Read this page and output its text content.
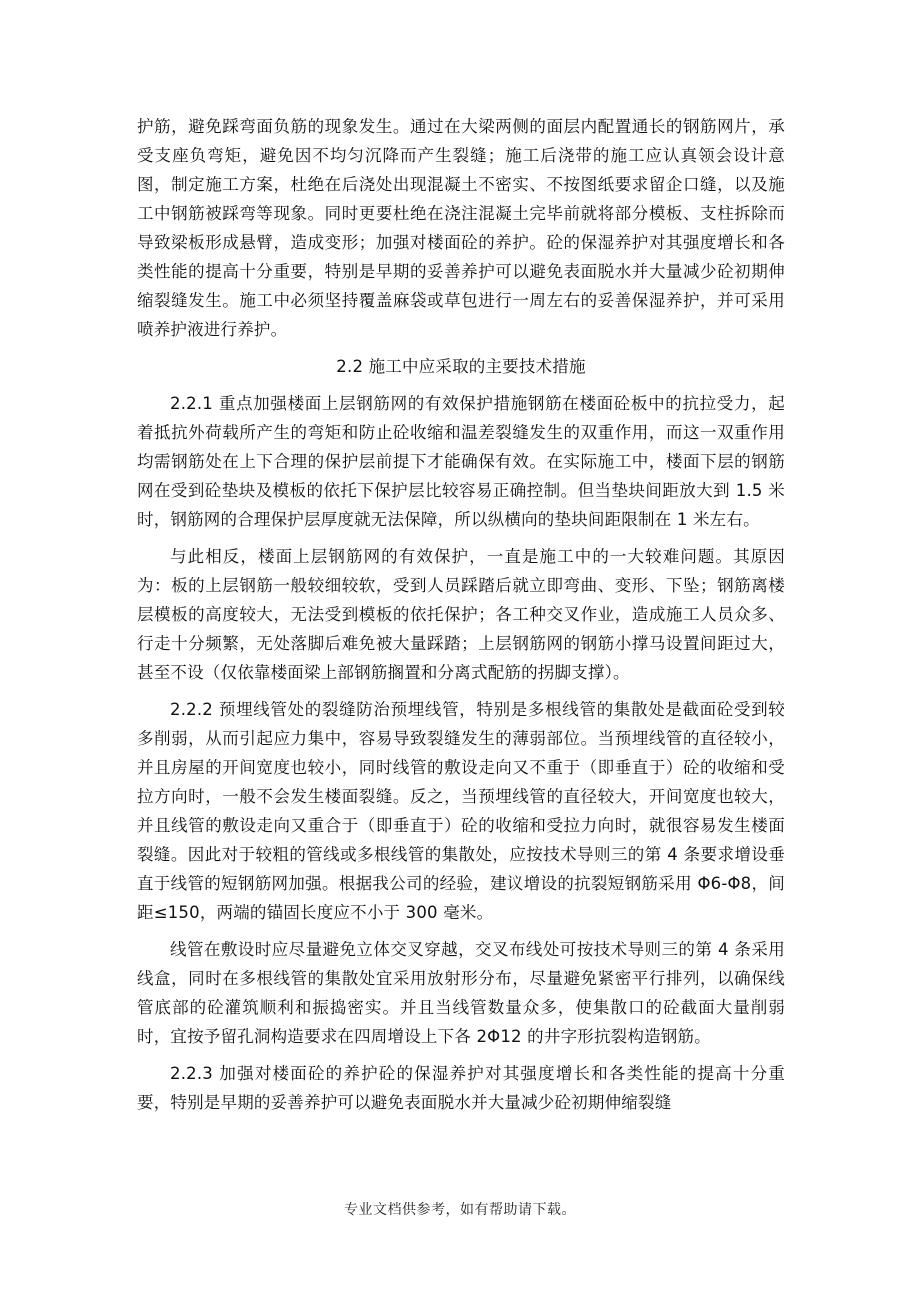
护筋，避免踩弯面负筋的现象发生。通过在大梁两侧的面层内配置通长的钢筋网片，承受支座负弯矩，避免因不均匀沉降而产生裂缝；施工后浇带的施工应认真领会设计意图，制定施工方案，杜绝在后浇处出现混凝土不密实、不按图纸要求留企口缝，以及施工中钢筋被踩弯等现象。同时更要杜绝在浇注混凝土完毕前就将部分模板、支柱拆除而导致梁板形成悬臂，造成变形；加强对楼面砼的养护。砼的保湿养护对其强度增长和各类性能的提高十分重要，特别是早期的妥善养护可以避免表面脱水并大量减少砼初期伸缩裂缝发生。施工中必须坚持覆盖麻袋或草包进行一周左右的妥善保湿养护，并可采用喷养护液进行养护。

2.2 施工中应采取的主要技术措施

2.2.1 重点加强楼面上层钢筋网的有效保护措施钢筋在楼面砼板中的抗拉受力，起着抵抗外荷载所产生的弯矩和防止砼收缩和温差裂缝发生的双重作用，而这一双重作用均需钢筋处在上下合理的保护层前提下才能确保有效。在实际施工中，楼面下层的钢筋网在受到砼垫块及模板的依托下保护层比较容易正确控制。但当垫块间距放大到 1.5 米时，钢筋网的合理保护层厚度就无法保障，所以纵横向的垫块间距限制在 1 米左右。

与此相反，楼面上层钢筋网的有效保护，一直是施工中的一大较难问题。其原因为：板的上层钢筋一般较细较软，受到人员踩踏后就立即弯曲、变形、下坠；钢筋离楼层模板的高度较大，无法受到模板的依托保护；各工种交叉作业，造成施工人员众多、行走十分频繁，无处落脚后难免被大量踩踏；上层钢筋网的钢筋小撑马设置间距过大，甚至不设（仅依靠楼面梁上部钢筋搁置和分离式配筋的拐脚支撑）。

2.2.2 预埋线管处的裂缝防治预埋线管，特别是多根线管的集散处是截面砼受到较多削弱，从而引起应力集中，容易导致裂缝发生的薄弱部位。当预埋线管的直径较小，并且房屋的开间宽度也较小，同时线管的敷设走向又不重于（即垂直于）砼的收缩和受拉方向时，一般不会发生楼面裂缝。反之，当预埋线管的直径较大，开间宽度也较大，并且线管的敷设走向又重合于（即垂直于）砼的收缩和受拉力向时，就很容易发生楼面裂缝。因此对于较粗的管线或多根线管的集散处，应按技术导则三的第 4 条要求增设垂直于线管的短钢筋网加强。根据我公司的经验，建议增设的抗裂短钢筋采用 Φ6-Φ8，间距≤150，两端的锚固长度应不小于 300 毫米。

线管在敷设时应尽量避免立体交叉穿越，交叉布线处可按技术导则三的第 4 条采用线盒，同时在多根线管的集散处宜采用放射形分布，尽量避免紧密平行排列，以确保线管底部的砼灌筑顺利和振捣密实。并且当线管数量众多，使集散口的砼截面大量削弱时，宜按予留孔洞构造要求在四周增设上下各 2Φ12 的井字形抗裂构造钢筋。

2.2.3 加强对楼面砼的养护砼的保湿养护对其强度增长和各类性能的提高十分重要，特别是早期的妥善养护可以避免表面脱水并大量减少砼初期伸缩裂缝

专业文档供参考，如有帮助请下载。
